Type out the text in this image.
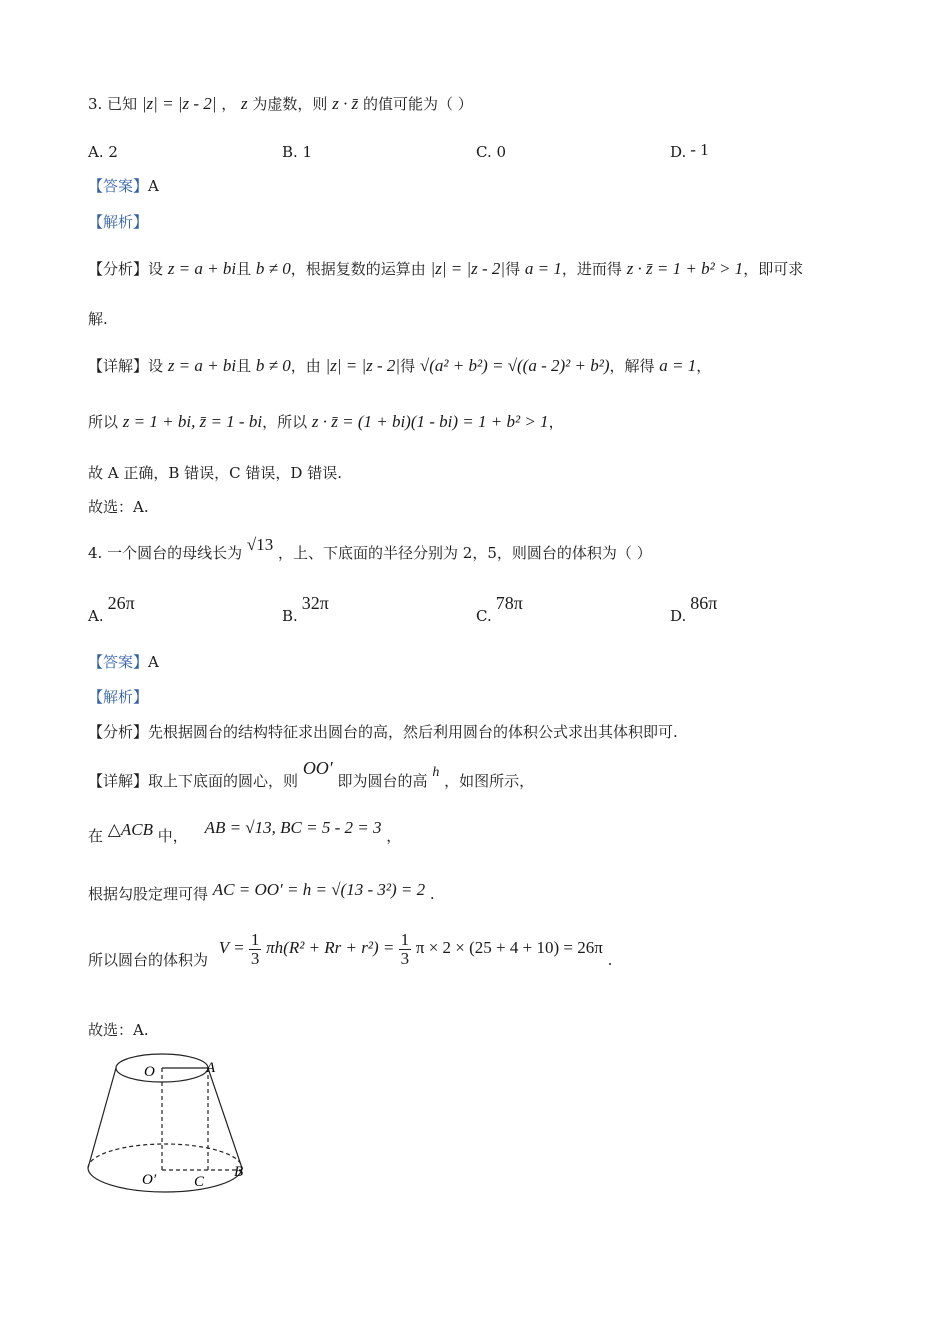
3. 已知 |z| = |z - 2| ， z 为虚数，则 z · z̄ 的值可能为（ ）
A. 2	B. 1	C. 0	D. - 1
【答案】A
【解析】
【分析】设 z = a + bi且 b ≠ 0，根据复数的运算由 |z| = |z - 2|得 a = 1，进而得 z · z̄ = 1 + b² > 1，即可求
解.
【详解】设 z = a + bi且 b ≠ 0，由 |z| = |z - 2|得 √(a² + b²) = √((a - 2)² + b²)，解得 a = 1，
所以 z = 1 + bi, z̄ = 1 - bi，所以 z · z̄ = (1 + bi)(1 - bi) = 1 + b² > 1，
故 A 正确，B 错误，C 错误，D 错误.
故选：A.
4. 一个圆台的母线长为 √13 ，上、下底面的半径分别为 2，5，则圆台的体积为（ ）
A.26π
B.32π
C.78π
D.86π
【答案】A
【解析】
【分析】先根据圆台的结构特征求出圆台的高，然后利用圆台的体积公式求出其体积即可.
【详解】取上下底面的圆心，则 OO′ 即为圆台的高 h ，如图所示，
在 △ACB 中， AB = √13, BC = 5 - 2 = 3 ，
根据勾股定理可得 AC = OO′ = h = √(13 - 3²) = 2 .
所以圆台的体积为 $V = \frac{1}{3} \pi h(R^2 + Rr + r^2) = \frac{1}{3}$ π × 2 × (25 + 4 + 10) = 26π .
故选：A.
O	A
O′	C
B
